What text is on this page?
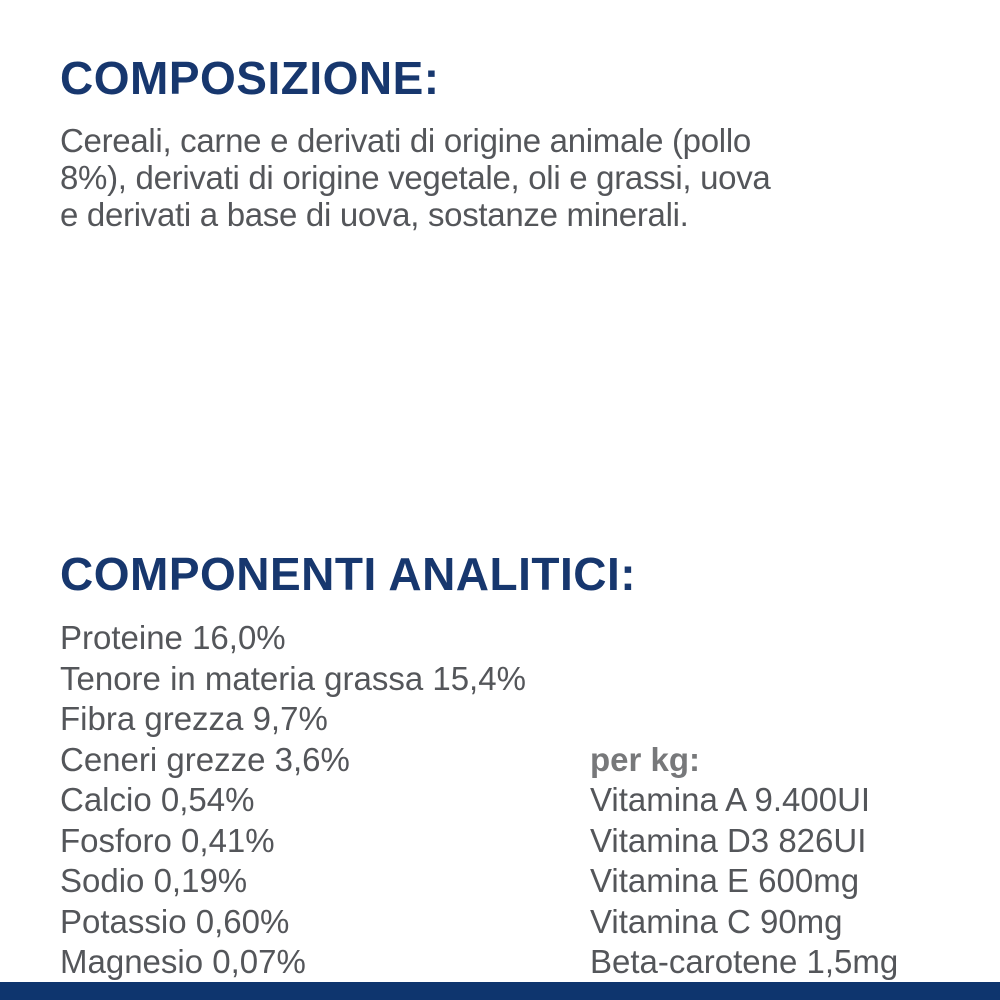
COMPOSIZIONE:
Cereali, carne e derivati di origine animale (pollo
8%), derivati di origine vegetale, oli e grassi, uova
e derivati a base di uova, sostanze minerali.
COMPONENTI ANALITICI:
Proteine 16,0%
Tenore in materia grassa 15,4%
Fibra grezza 9,7%
Ceneri grezze 3,6%
Calcio 0,54%
Fosforo 0,41%
Sodio 0,19%
Potassio 0,60%
Magnesio 0,07%
per kg:
Vitamina A 9.400UI
Vitamina D3 826UI
Vitamina E 600mg
Vitamina C 90mg
Beta-carotene 1,5mg
